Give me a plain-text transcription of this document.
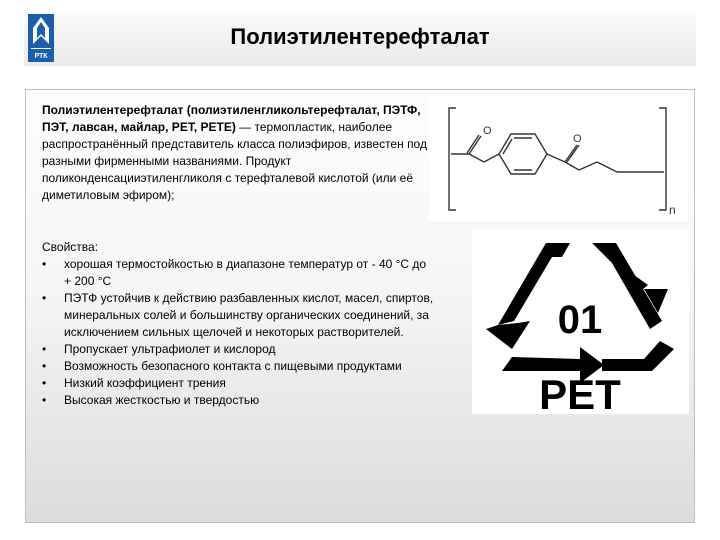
РТК
Полиэтилентерефталат
Полиэтилентерефталат (полиэтиленгликольтерефталат, ПЭТФ, ПЭТ, лавсан, майлар, PET, PETE) — термопластик, наиболее распространённый представитель класса полиэфиров, известен под разными фирменными названиями. Продукт поликонденсацииэтиленгликоля с терефталевой кислотой (или её диметиловым эфиром);
Свойства:
• хорошая термостойкостью в диапазоне температур от - 40 °С до + 200 °С
• ПЭТФ устойчив к действию разбавленных кислот, масел, спиртов, минеральных солей и большинству органических соединений, за исключением сильных щелочей и некоторых растворителей.
• Пропускает ультрафиолет и кислород
• Возможность безопасного контакта с пищевыми продуктами
• Низкий коэффициент трения
• Высокая жесткостью и твердостью
O
O
n
01
PET
